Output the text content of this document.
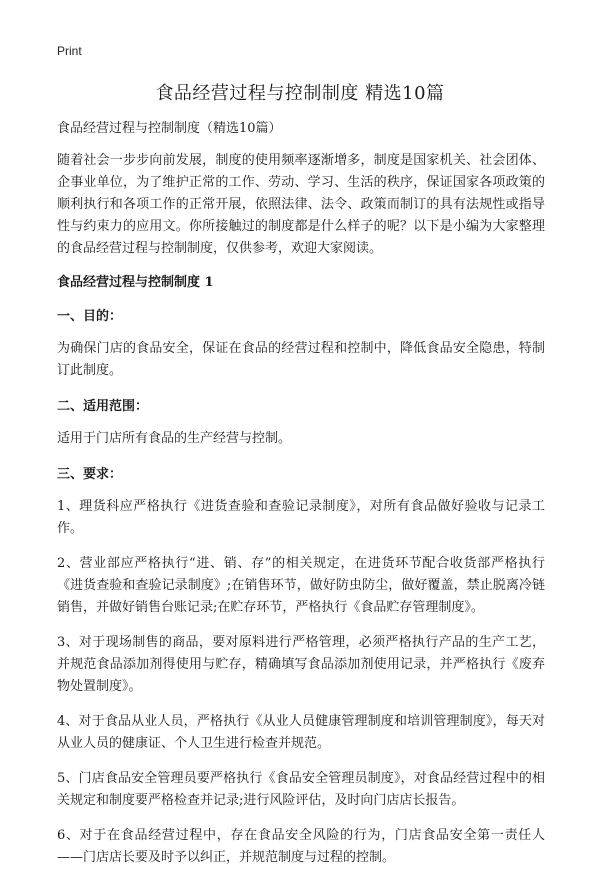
Print
食品经营过程与控制制度 精选10篇

食品经营过程与控制制度（精选10篇）

随着社会一步步向前发展，制度的使用频率逐渐增多，制度是国家机关、社会团体、企事业单位，为了维护正常的工作、劳动、学习、生活的秩序，保证国家各项政策的顺利执行和各项工作的正常开展，依照法律、法令、政策而制订的具有法规性或指导性与约束力的应用文。你所接触过的制度都是什么样子的呢？以下是小编为大家整理的食品经营过程与控制制度，仅供参考，欢迎大家阅读。

食品经营过程与控制制度 1

一、目的：

为确保门店的食品安全，保证在食品的经营过程和控制中，降低食品安全隐患，特制订此制度。

二、适用范围：

适用于门店所有食品的生产经营与控制。

三、要求：

1、理货科应严格执行《进货查验和查验记录制度》，对所有食品做好验收与记录工作。

2、营业部应严格执行“进、销、存”的相关规定，在进货环节配合收货部严格执行《进货查验和查验记录制度》;在销售环节，做好防虫防尘，做好覆盖，禁止脱离冷链销售，并做好销售台账记录;在贮存环节，严格执行《食品贮存管理制度》。

3、对于现场制售的商品，要对原料进行严格管理，必须严格执行产品的生产工艺，并规范食品添加剂得使用与贮存，精确填写食品添加剂使用记录，并严格执行《废弃物处置制度》。

4、对于食品从业人员，严格执行《从业人员健康管理制度和培训管理制度》，每天对从业人员的健康证、个人卫生进行检查并规范。

5、门店食品安全管理员要严格执行《食品安全管理员制度》，对食品经营过程中的相关规定和制度要严格检查并记录;进行风险评估，及时向门店店长报告。

6、对于在食品经营过程中，存在食品安全风险的行为，门店食品安全第一责任人——门店店长要及时予以纠正，并规范制度与过程的控制。
